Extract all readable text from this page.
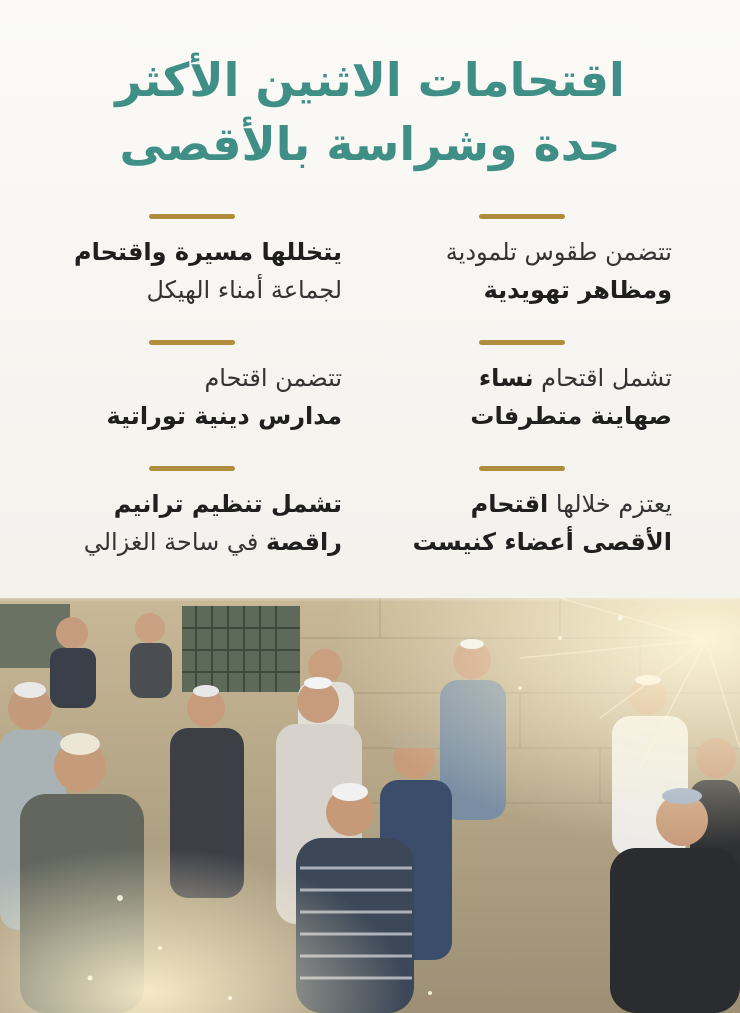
اقتحامات الاثنين الأكثر
حدة وشراسة بالأقصى
تتضمن طقوس تلمودية
ومظاهر تهويدية
يتخللها مسيرة واقتحام
لجماعة أمناء الهيكل
تشمل اقتحام نساء
صهاينة متطرفات
تتضمن اقتحام
مدارس دينية توراتية
يعتزم خلالها اقتحام
الأقصى أعضاء كنيست
تشمل تنظيم ترانيم
راقصة في ساحة الغزالي
